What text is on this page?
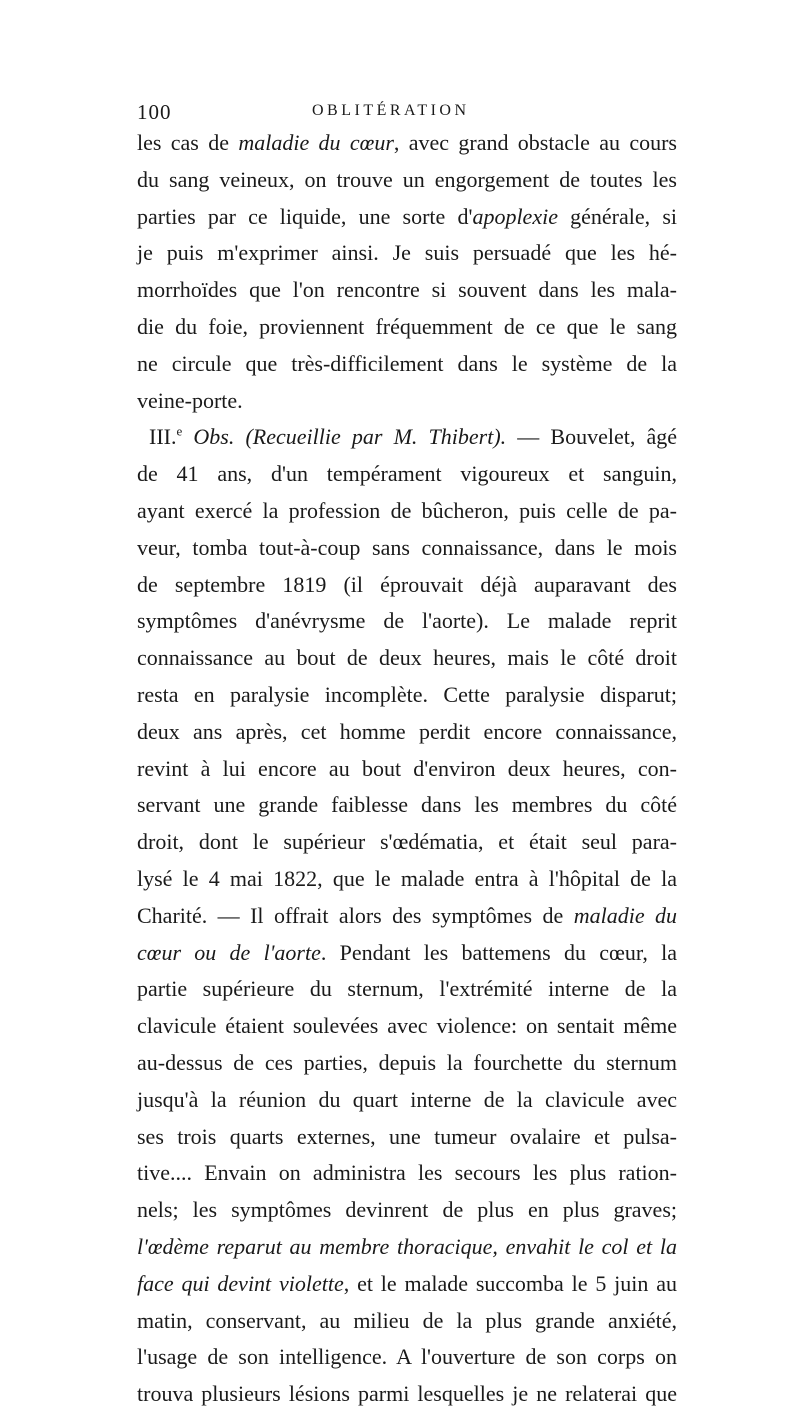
100	OBLITÉRATION
les cas de maladie du cœur, avec grand obstacle au cours
du sang veineux, on trouve un engorgement de toutes les
parties par ce liquide, une sorte d'apoplexie générale, si
je puis m'exprimer ainsi. Je suis persuadé que les hé-
morrhoïdes que l'on rencontre si souvent dans les mala-
die du foie, proviennent fréquemment de ce que le sang
ne circule que très-difficilement dans le système de la
veine-porte.
III.$^e$ Obs. (Recueillie par M. Thibert). — Bouvelet, âgé
de 41 ans, d'un tempérament vigoureux et sanguin,
ayant exercé la profession de bûcheron, puis celle de pa-
veur, tomba tout-à-coup sans connaissance, dans le mois
de septembre 1819 (il éprouvait déjà auparavant des
symptômes d'anévrysme de l'aorte). Le malade reprit
connaissance au bout de deux heures, mais le côté droit
resta en paralysie incomplète. Cette paralysie disparut;
deux ans après, cet homme perdit encore connaissance,
revint à lui encore au bout d'environ deux heures, con-
servant une grande faiblesse dans les membres du côté
droit, dont le supérieur s'œdématia, et était seul para-
lysé le 4 mai 1822, que le malade entra à l'hôpital de la
Charité. — Il offrait alors des symptômes de maladie du
cœur ou de l'aorte. Pendant les battemens du cœur, la
partie supérieure du sternum, l'extrémité interne de la
clavicule étaient soulevées avec violence: on sentait même
au-dessus de ces parties, depuis la fourchette du sternum
jusqu'à la réunion du quart interne de la clavicule avec
ses trois quarts externes, une tumeur ovalaire et pulsa-
tive.... Envain on administra les secours les plus ration-
nels; les symptômes devinrent de plus en plus graves;
l'œdème reparut au membre thoracique, envahit le col et la
face qui devint violette, et le malade succomba le 5 juin au
matin, conservant, au milieu de la plus grande anxiété,
l'usage de son intelligence. A l'ouverture de son corps on
trouva plusieurs lésions parmi lesquelles je ne relaterai que
